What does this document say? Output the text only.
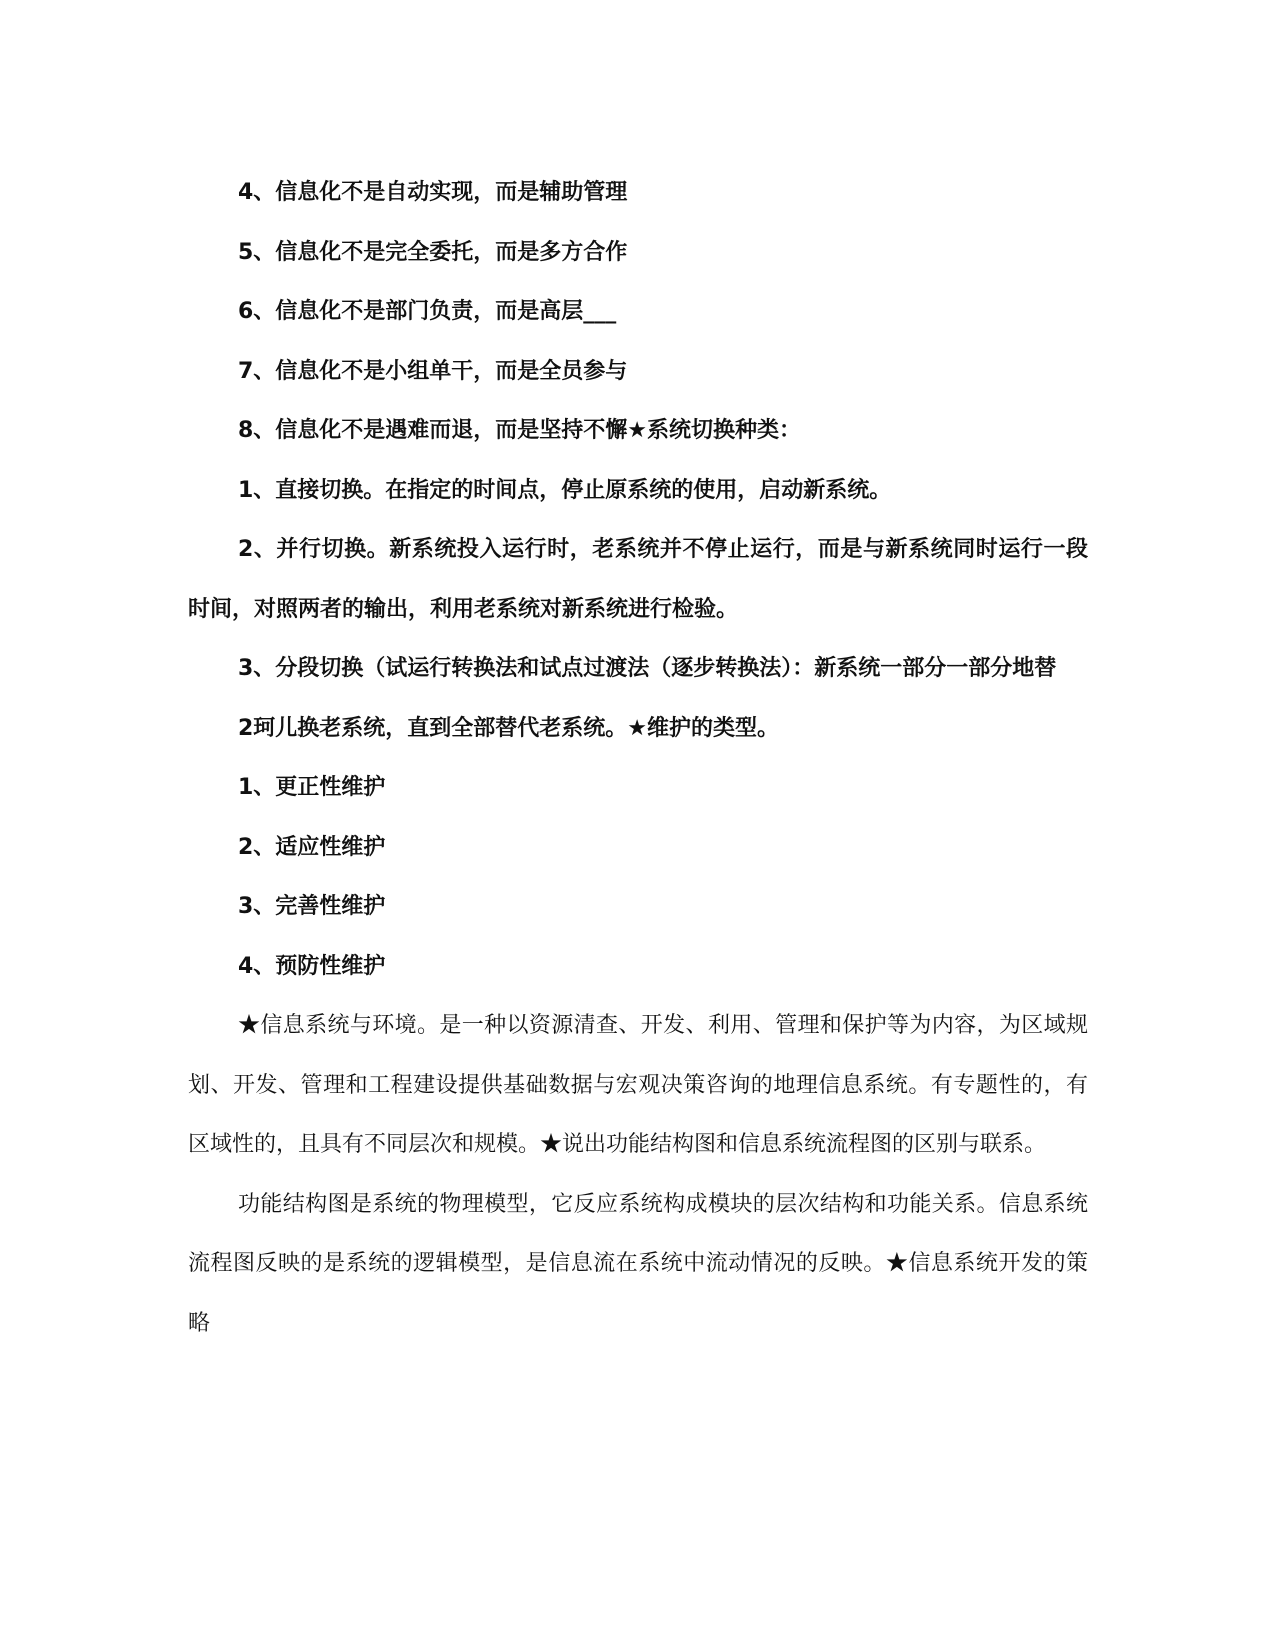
4、信息化不是自动实现，而是辅助管理

5、信息化不是完全委托，而是多方合作

6、信息化不是部门负责，而是高层___

7、信息化不是小组单干，而是全员参与

8、信息化不是遇难而退，而是坚持不懈★系统切换种类：

1、直接切换。在指定的时间点，停止原系统的使用，启动新系统。

2、并行切换。新系统投入运行时，老系统并不停止运行，而是与新系统同时运行一段时间，对照两者的输出，利用老系统对新系统进行检验。

3、分段切换（试运行转换法和试点过渡法（逐步转换法）：新系统一部分一部分地替

2珂儿换老系统，直到全部替代老系统。★维护的类型。

1、更正性维护

2、适应性维护

3、完善性维护

4、预防性维护

★信息系统与环境。是一种以资源清查、开发、利用、管理和保护等为内容，为区域规划、开发、管理和工程建设提供基础数据与宏观决策咨询的地理信息系统。有专题性的，有区域性的，且具有不同层次和规模。★说出功能结构图和信息系统流程图的区别与联系。

功能结构图是系统的物理模型，它反应系统构成模块的层次结构和功能关系。信息系统流程图反映的是系统的逻辑模型，是信息流在系统中流动情况的反映。★信息系统开发的策略
